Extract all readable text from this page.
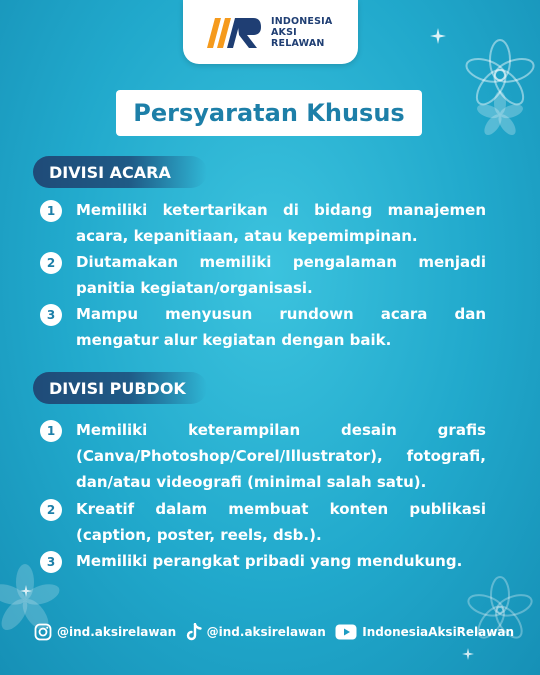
INDONESIA
AKSI
RELAWAN
Persyaratan Khusus
DIVISI ACARA
1	Memiliki ketertarikan di bidang manajemen acara, kepanitiaan, atau kepemimpinan.
2	Diutamakan memiliki pengalaman menjadi panitia kegiatan/organisasi.
3	Mampu menyusun rundown acara dan mengatur alur kegiatan dengan baik.
DIVISI PUBDOK
1	Memiliki keterampilan desain grafis (Canva/Photoshop/Corel/Illustrator), fotografi, dan/atau videografi (minimal salah satu).
2	Kreatif dalam membuat konten publikasi (caption, poster, reels, dsb.).
3	Memiliki perangkat pribadi yang mendukung.
@ind.aksirelawan	@ind.aksirelawan	IndonesiaAksiRelawan
